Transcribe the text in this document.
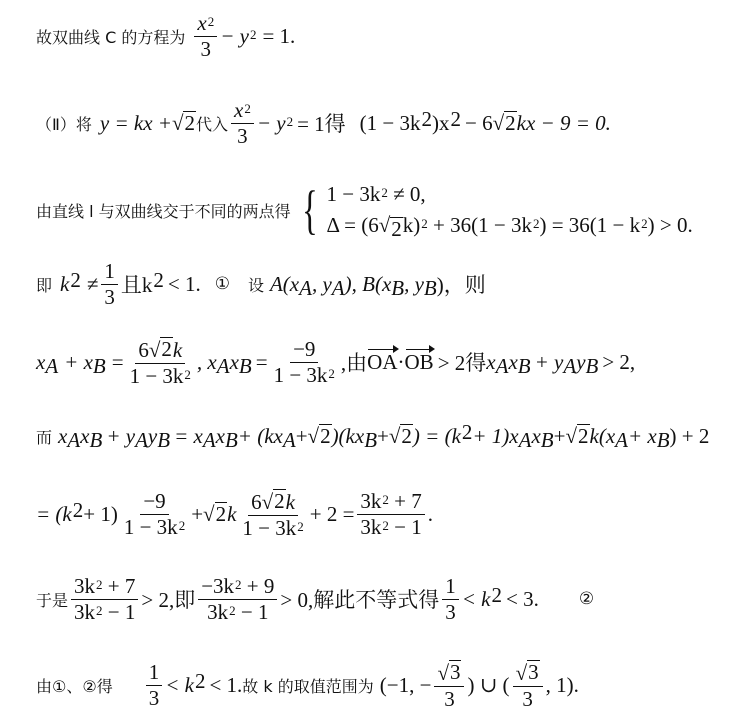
故双曲线 C 的方程为 $\frac{x^2}{3} - y^2 = 1$.
（Ⅱ）将 y = kx + √ 2 代入 $\frac{x^2}{3} - y^2 = 1$得 ($1 - 3k^2$ )$x^2 - 6$ √ 2 kx − 9 = 0.
由直线 l 与双曲线交于不同的两点得 { $1 - 3k^2 \ne 0$,
Δ = (6 √ 2 $k)^2 + 36(1 - 3k^2) = 36(1 - k^2) > 0$.
即 $k^2 \ne \frac{1}{3}$ 且$k^2 < 1$. ① 设 $A(x_A$ , $y_A$ ), $B(x_B$ , $y_B$ )，则
$x_A + x_B = \frac{6 √ 2 k}{1 - 3k^2}$ , $x_A$ $x_B = \frac{-9}{1 - 3k^2}$ ,由 OA · OB > 2得 $x_A$ $x_B + y_A$ $y_B > 2$,
而 $x_A$ $x_B + y_A$ $y_B = x_A$ $x_B + (kx_A$ + √ 2 )($kx_B$ + √ 2 ) = $(k^2 + 1)x_A$ $x_B$ + √ 2 $k(x_A + x_B$ ) + 2
= $(k^2 + 1) \frac{-9}{1 - 3k^2}$ + √ 2 k $\frac{6 √ 2 k}{1 - 3k^2} + 2 = \frac{3k^2 + 7}{3k^2 - 1}$ .
于是 $\frac{3k^2 + 7}{3k^2 - 1} > 2$,即 $\frac{-3k^2 + 9}{3k^2 - 1} > 0$,解此不等式得 $\frac{1}{3} < k^2 < 3$. ②
由①、②得 $\frac{1}{3} < k^2 < 1$. 故 k 的取值范围为 (−1, − $\frac{√ 3}{3}$ ) ∪ ( $\frac{√ 3}{3}$ , 1).
